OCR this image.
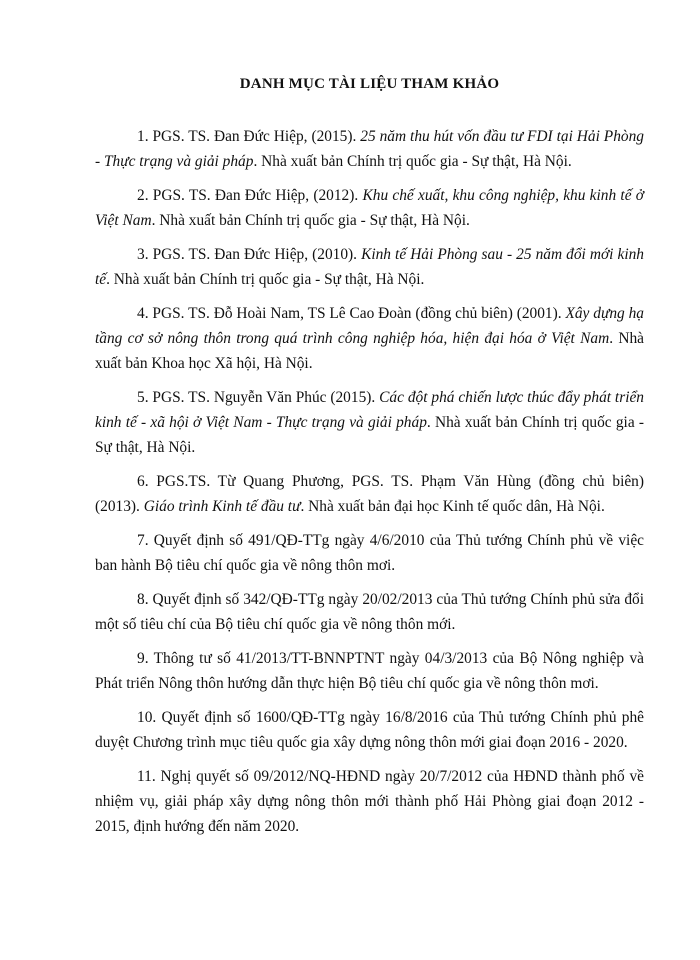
DANH MỤC TÀI LIỆU THAM KHẢO

1. PGS. TS. Đan Đức Hiệp, (2015). 25 năm thu hút vốn đầu tư FDI tại Hải Phòng - Thực trạng và giải pháp. Nhà xuất bản Chính trị quốc gia - Sự thật, Hà Nội.

2. PGS. TS. Đan Đức Hiệp, (2012). Khu chế xuất, khu công nghiệp, khu kinh tế ở Việt Nam. Nhà xuất bản Chính trị quốc gia - Sự thật, Hà Nội.

3. PGS. TS. Đan Đức Hiệp, (2010). Kinh tế Hải Phòng sau - 25 năm đổi mới kinh tế. Nhà xuất bản Chính trị quốc gia - Sự thật, Hà Nội.

4. PGS. TS. Đỗ Hoài Nam, TS Lê Cao Đoàn (đồng chủ biên) (2001). Xây dựng hạ tầng cơ sở nông thôn trong quá trình công nghiệp hóa, hiện đại hóa ở Việt Nam. Nhà xuất bản Khoa học Xã hội, Hà Nội.

5. PGS. TS. Nguyễn Văn Phúc (2015). Các đột phá chiến lược thúc đẩy phát triển kinh tế - xã hội ở Việt Nam - Thực trạng và giải pháp. Nhà xuất bản Chính trị quốc gia - Sự thật, Hà Nội.

6. PGS.TS. Từ Quang Phương, PGS. TS. Phạm Văn Hùng (đồng chủ biên) (2013). Giáo trình Kinh tế đầu tư. Nhà xuất bản đại học Kinh tế quốc dân, Hà Nội.

7. Quyết định số 491/QĐ-TTg ngày 4/6/2010 của Thủ tướng Chính phủ về việc ban hành Bộ tiêu chí quốc gia về nông thôn mơi.

8. Quyết định số 342/QĐ-TTg ngày 20/02/2013 của Thủ tướng Chính phủ sửa đổi một số tiêu chí của Bộ tiêu chí quốc gia về nông thôn mới.

9. Thông tư số 41/2013/TT-BNNPTNT ngày 04/3/2013 của Bộ Nông nghiệp và Phát triển Nông thôn hướng dẫn thực hiện Bộ tiêu chí quốc gia về nông thôn mơi.

10. Quyết định số 1600/QĐ-TTg ngày 16/8/2016 của Thủ tướng Chính phủ phê duyệt Chương trình mục tiêu quốc gia xây dựng nông thôn mới giai đoạn 2016 - 2020.

11. Nghị quyết số 09/2012/NQ-HĐND ngày 20/7/2012 của HĐND thành phố về nhiệm vụ, giải pháp xây dựng nông thôn mới thành phố Hải Phòng giai đoạn 2012 - 2015, định hướng đến năm 2020.
